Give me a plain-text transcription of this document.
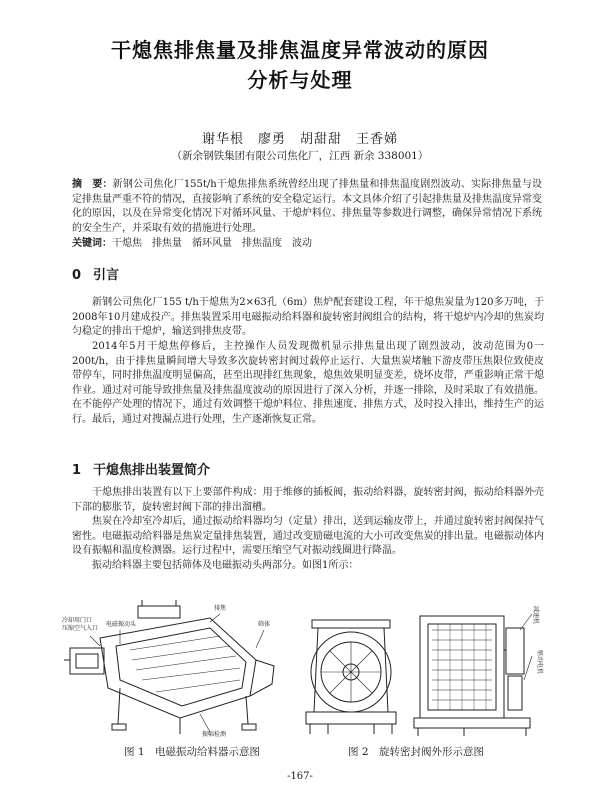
干熄焦排焦量及排焦温度异常波动的原因
分析与处理
谢华根　廖勇　胡甜甜　王香娣
（新余钢铁集团有限公司焦化厂，江西 新余 338001）
摘　要：新钢公司焦化厂155t/h干熄焦排焦系统曾经出现了排焦量和排焦温度剧烈波动、实际排焦量与设定排焦量严重不符的情况，直接影响了系统的安全稳定运行。本文具体介绍了引起排焦量及排焦温度异常变化的原因，以及在异常变化情况下对循环风量、干熄炉料位、排焦量等参数进行调整，确保异常情况下系统的安全生产，并采取有效的措施进行处理。
关键词：干熄焦　排焦量　循环风量　排焦温度　波动
0 引言
新钢公司焦化厂155 t/h干熄焦为2×63孔（6m）焦炉配套建设工程，年干熄焦炭量为120多万吨，于2008年10月建成投产。排焦装置采用电磁振动给料器和旋转密封阀组合的结构，将干熄炉内冷却的焦炭均匀稳定的排出干熄炉，输送到排焦皮带。
2014年5月干熄焦停修后，主控操作人员发现微机显示排焦量出现了剧烈波动，波动范围为0一200t/h，由于排焦量瞬间增大导致多次旋转密封阀过载停止运行、大量焦炭堵触下游皮带压焦限位致使皮带停车，同时排焦温度明显偏高，甚至出现排红焦现象，熄焦效果明显变差，烧坏皮带，严重影响正常干熄作业。通过对可能导致排焦量及排焦温度波动的原因进行了深入分析，并逐一排除，及时采取了有效措施。在不能停产处理的情况下，通过有效调整干熄炉料位、排焦速度、排焦方式，及时投入排出，维持生产的运行。最后，通过对搜漏点进行处理，生产逐渐恢复正常。
1 干熄焦排出装置简介
干熄焦排出装置有以下上要部件构成：用于维修的插板阀，振动给料器，旋转密封阀，振动给料器外壳下部的膨胀节，旋转密封阀下部的排出溜槽。
焦炭在冷却室冷却后，通过振动给料器均匀（定量）排出，送到运输皮带上，并通过旋转密封阀保持气密性。电磁振动给料器是焦炭定量排焦装置，通过改变励磁电流的大小可改变焦炭的排出量。电磁振动体内设有振幅和温度检测器。运行过程中，需要压缩空气对振动线圈进行降温。
振动给料器主要包括筛体及电磁振动头两部分。如图1所示：
冷却用门口
压缩空气入口
电磁振动头
排焦
筛体
振幅检测
减速机
驱动电机
图 1　电磁振动给料器示意图	图 2　旋转密封阀外形示意图
-167-
